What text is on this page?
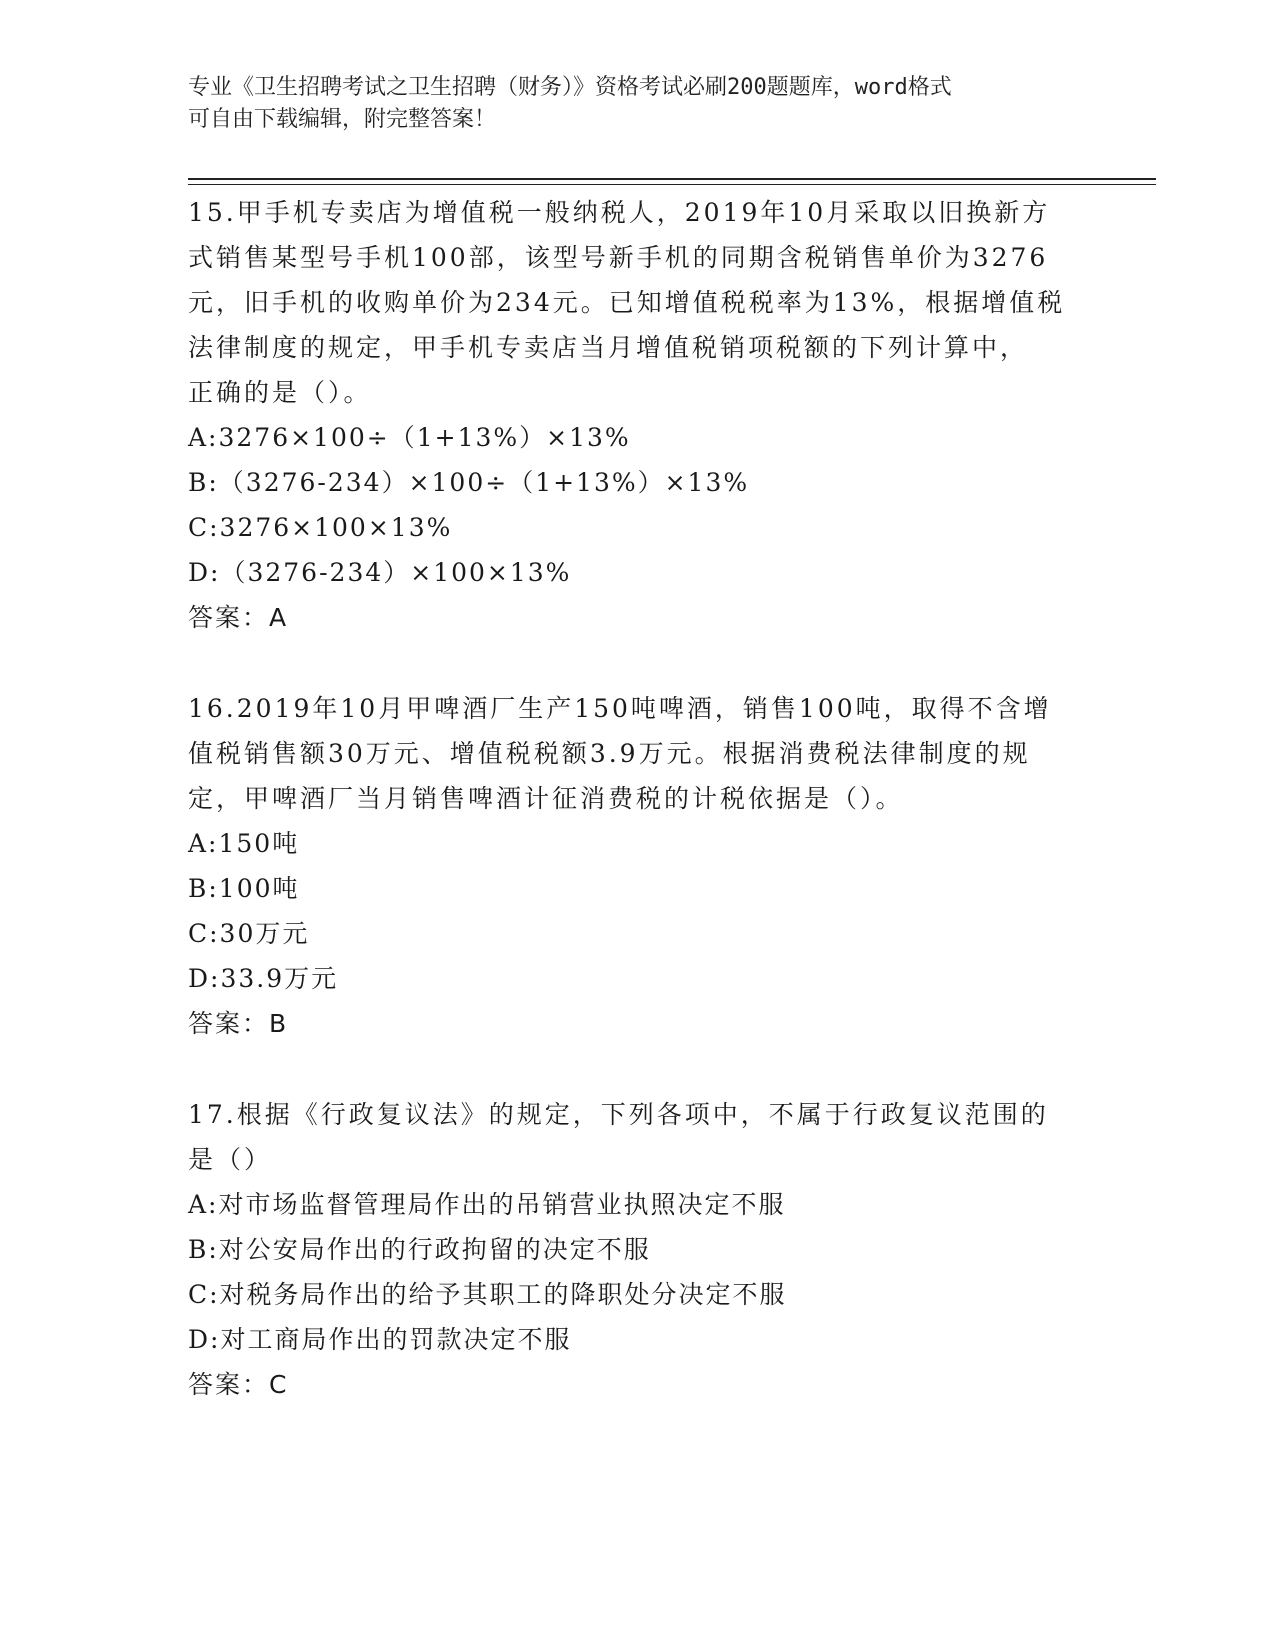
专业《卫生招聘考试之卫生招聘（财务）》资格考试必刷200题题库，word格式
可自由下载编辑，附完整答案！
15.甲手机专卖店为增值税一般纳税人，2019年10月采取以旧换新方
式销售某型号手机100部，该型号新手机的同期含税销售单价为3276
元，旧手机的收购单价为234元。已知增值税税率为13%，根据增值税
法律制度的规定，甲手机专卖店当月增值税销项税额的下列计算中，
正确的是（）。
A:3276×100÷（1+13%）×13%
B:（3276-234）×100÷（1+13%）×13%
C:3276×100×13%
D:（3276-234）×100×13%
答案：A
16.2019年10月甲啤酒厂生产150吨啤酒，销售100吨，取得不含增
值税销售额30万元、增值税税额3.9万元。根据消费税法律制度的规
定，甲啤酒厂当月销售啤酒计征消费税的计税依据是（）。
A:150吨
B:100吨
C:30万元
D:33.9万元
答案：B
17.根据《行政复议法》的规定，下列各项中，不属于行政复议范围的
是（）
A:对市场监督管理局作出的吊销营业执照决定不服
B:对公安局作出的行政拘留的决定不服
C:对税务局作出的给予其职工的降职处分决定不服
D:对工商局作出的罚款决定不服
答案：C
